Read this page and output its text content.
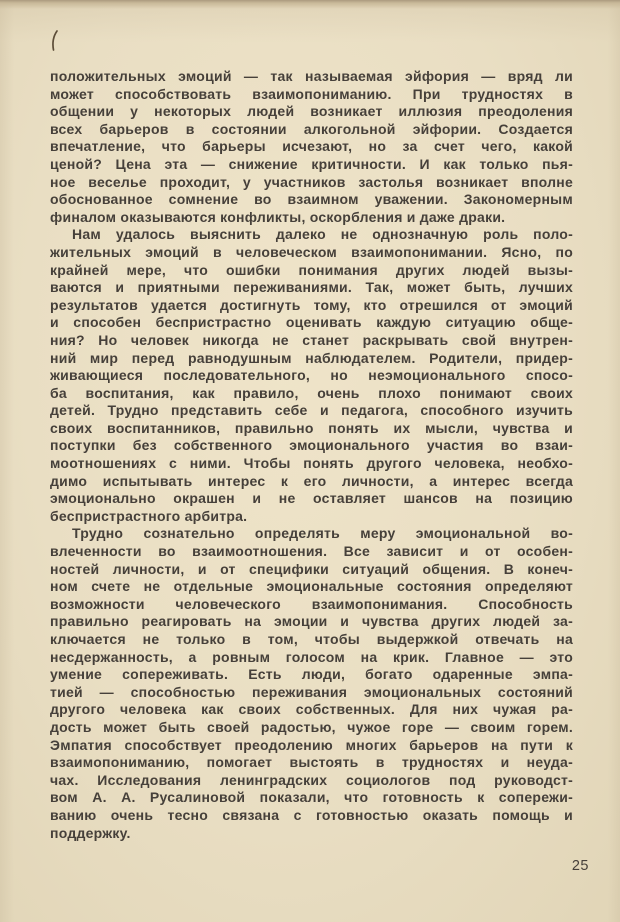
положительных эмоций — так называемая эйфория — вряд ли
может способствовать взаимопониманию. При трудностях в
общении у некоторых людей возникает иллюзия преодоления
всех барьеров в состоянии алкогольной эйфории. Создается
впечатление, что барьеры исчезают, но за счет чего, какой
ценой? Цена эта — снижение критичности. И как только пья-
ное веселье проходит, у участников застолья возникает вполне
обоснованное сомнение во взаимном уважении. Закономерным
финалом оказываются конфликты, оскорбления и даже драки.
Нам удалось выяснить далеко не однозначную роль поло-
жительных эмоций в человеческом взаимопонимании. Ясно, по
крайней мере, что ошибки понимания других людей вызы-
ваются и приятными переживаниями. Так, может быть, лучших
результатов удается достигнуть тому, кто отрешился от эмоций
и способен беспристрастно оценивать каждую ситуацию обще-
ния? Но человек никогда не станет раскрывать свой внутрен-
ний мир перед равнодушным наблюдателем. Родители, придер-
живающиеся последовательного, но неэмоционального спосо-
ба воспитания, как правило, очень плохо понимают своих
детей. Трудно представить себе и педагога, способного изучить
своих воспитанников, правильно понять их мысли, чувства и
поступки без собственного эмоционального участия во взаи-
моотношениях с ними. Чтобы понять другого человека, необхо-
димо испытывать интерес к его личности, а интерес всегда
эмоционально окрашен и не оставляет шансов на позицию
беспристрастного арбитра.
Трудно сознательно определять меру эмоциональной во-
влеченности во взаимоотношения. Все зависит и от особен-
ностей личности, и от специфики ситуаций общения. В конеч-
ном счете не отдельные эмоциональные состояния определяют
возможности человеческого взаимопонимания. Способность
правильно реагировать на эмоции и чувства других людей за-
ключается не только в том, чтобы выдержкой отвечать на
несдержанность, а ровным голосом на крик. Главное — это
умение сопереживать. Есть люди, богато одаренные эмпа-
тией — способностью переживания эмоциональных состояний
другого человека как своих собственных. Для них чужая ра-
дость может быть своей радостью, чужое горе — своим горем.
Эмпатия способствует преодолению многих барьеров на пути к
взаимопониманию, помогает выстоять в трудностях и неуда-
чах. Исследования ленинградских социологов под руководст-
вом А. А. Русалиновой показали, что готовность к сопережи-
ванию очень тесно связана с готовностью оказать помощь и
поддержку.
25
